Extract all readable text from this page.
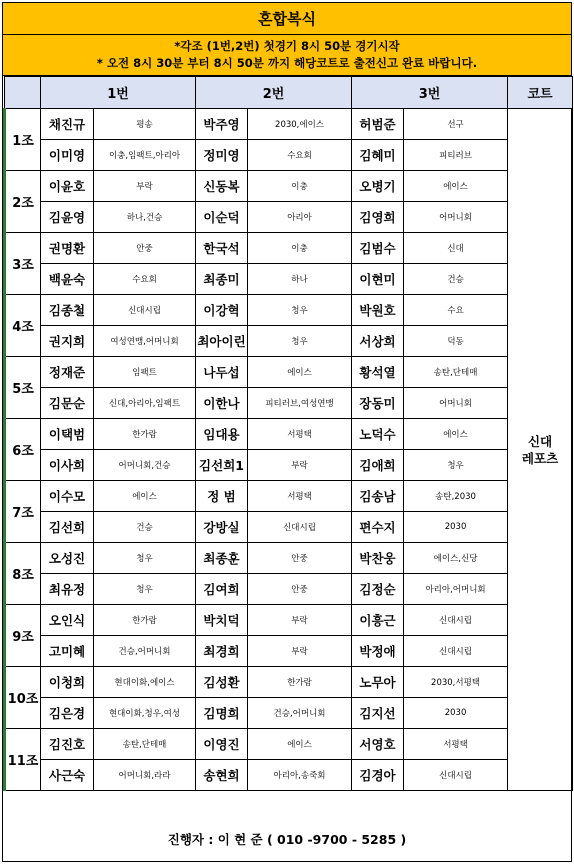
혼합복식
*각조 (1번,2번) 첫경기 8시 50분 경기시작
* 오전 8시 30분 부터 8시 50분 까지 해당코트로 출전신고 완료 바랍니다.
	1번		2번		3번		코트
1조	채진규	평송	박주영	2030,에이스	허범준	선구	신대
레포츠

	이미영	이충,임팩트,아리아	정미영	수요회	김혜미	피티러브	
2조	이윤호	부락	신동복	이충	오병기	에이스	
	김윤영	하나,건승	이순덕	아리아	김영희	어머니회	
3조	권명환	안중	한국석	이충	김범수	신대	
	백윤숙	수요회	최종미	하나	이현미	건승	
4조	김종철	신대시립	이강혁	청우	박원호	수요	
	권지희	여성연맹,어머니회	최아이린	청우	서상희	덕동	
5조	정재준	임팩트	나두섭	에이스	황석열	송탄,단테매	
	김문순	신대,아리아,임팩트	이한나	피티러브,여성연맹	장동미	어머니회	
6조	이택범	한가람	임대용	서평택	노덕수	에이스	
	이사희	어머니회,건승	김선희1	부락	김애희	청우	
7조	이수모	에이스	정 범	서평택	김송남	송탄,2030	
	김선희	건승	강방실	신대시립	편수지	2030	
8조	오성진	청우	최종훈	안중	박찬웅	에이스,신당	
	최유정	청우	김여희	안중	김정순	아리아,어머니회	
9조	오인식	한가람	박치덕	부락	이흥근	신대시립	
	고미혜	건승,어머니회	최경희	부락	박정애	신대시립	
10조	이청희	현대이화,에이스	김성환	한가람	노무아	2030,서평택	
	김은경	현대이화,청우,여성	김명희	건승,어머니회	김지선	2030	
11조	김진호	송탄,단테매	이영진	에이스	서영호	서평택	
	사근숙	어머니회,라라	송현희	아리아,송죽회	김경아	신대시립	
진행자 : 이 현 준 ( 010 -9700 - 5285 )
